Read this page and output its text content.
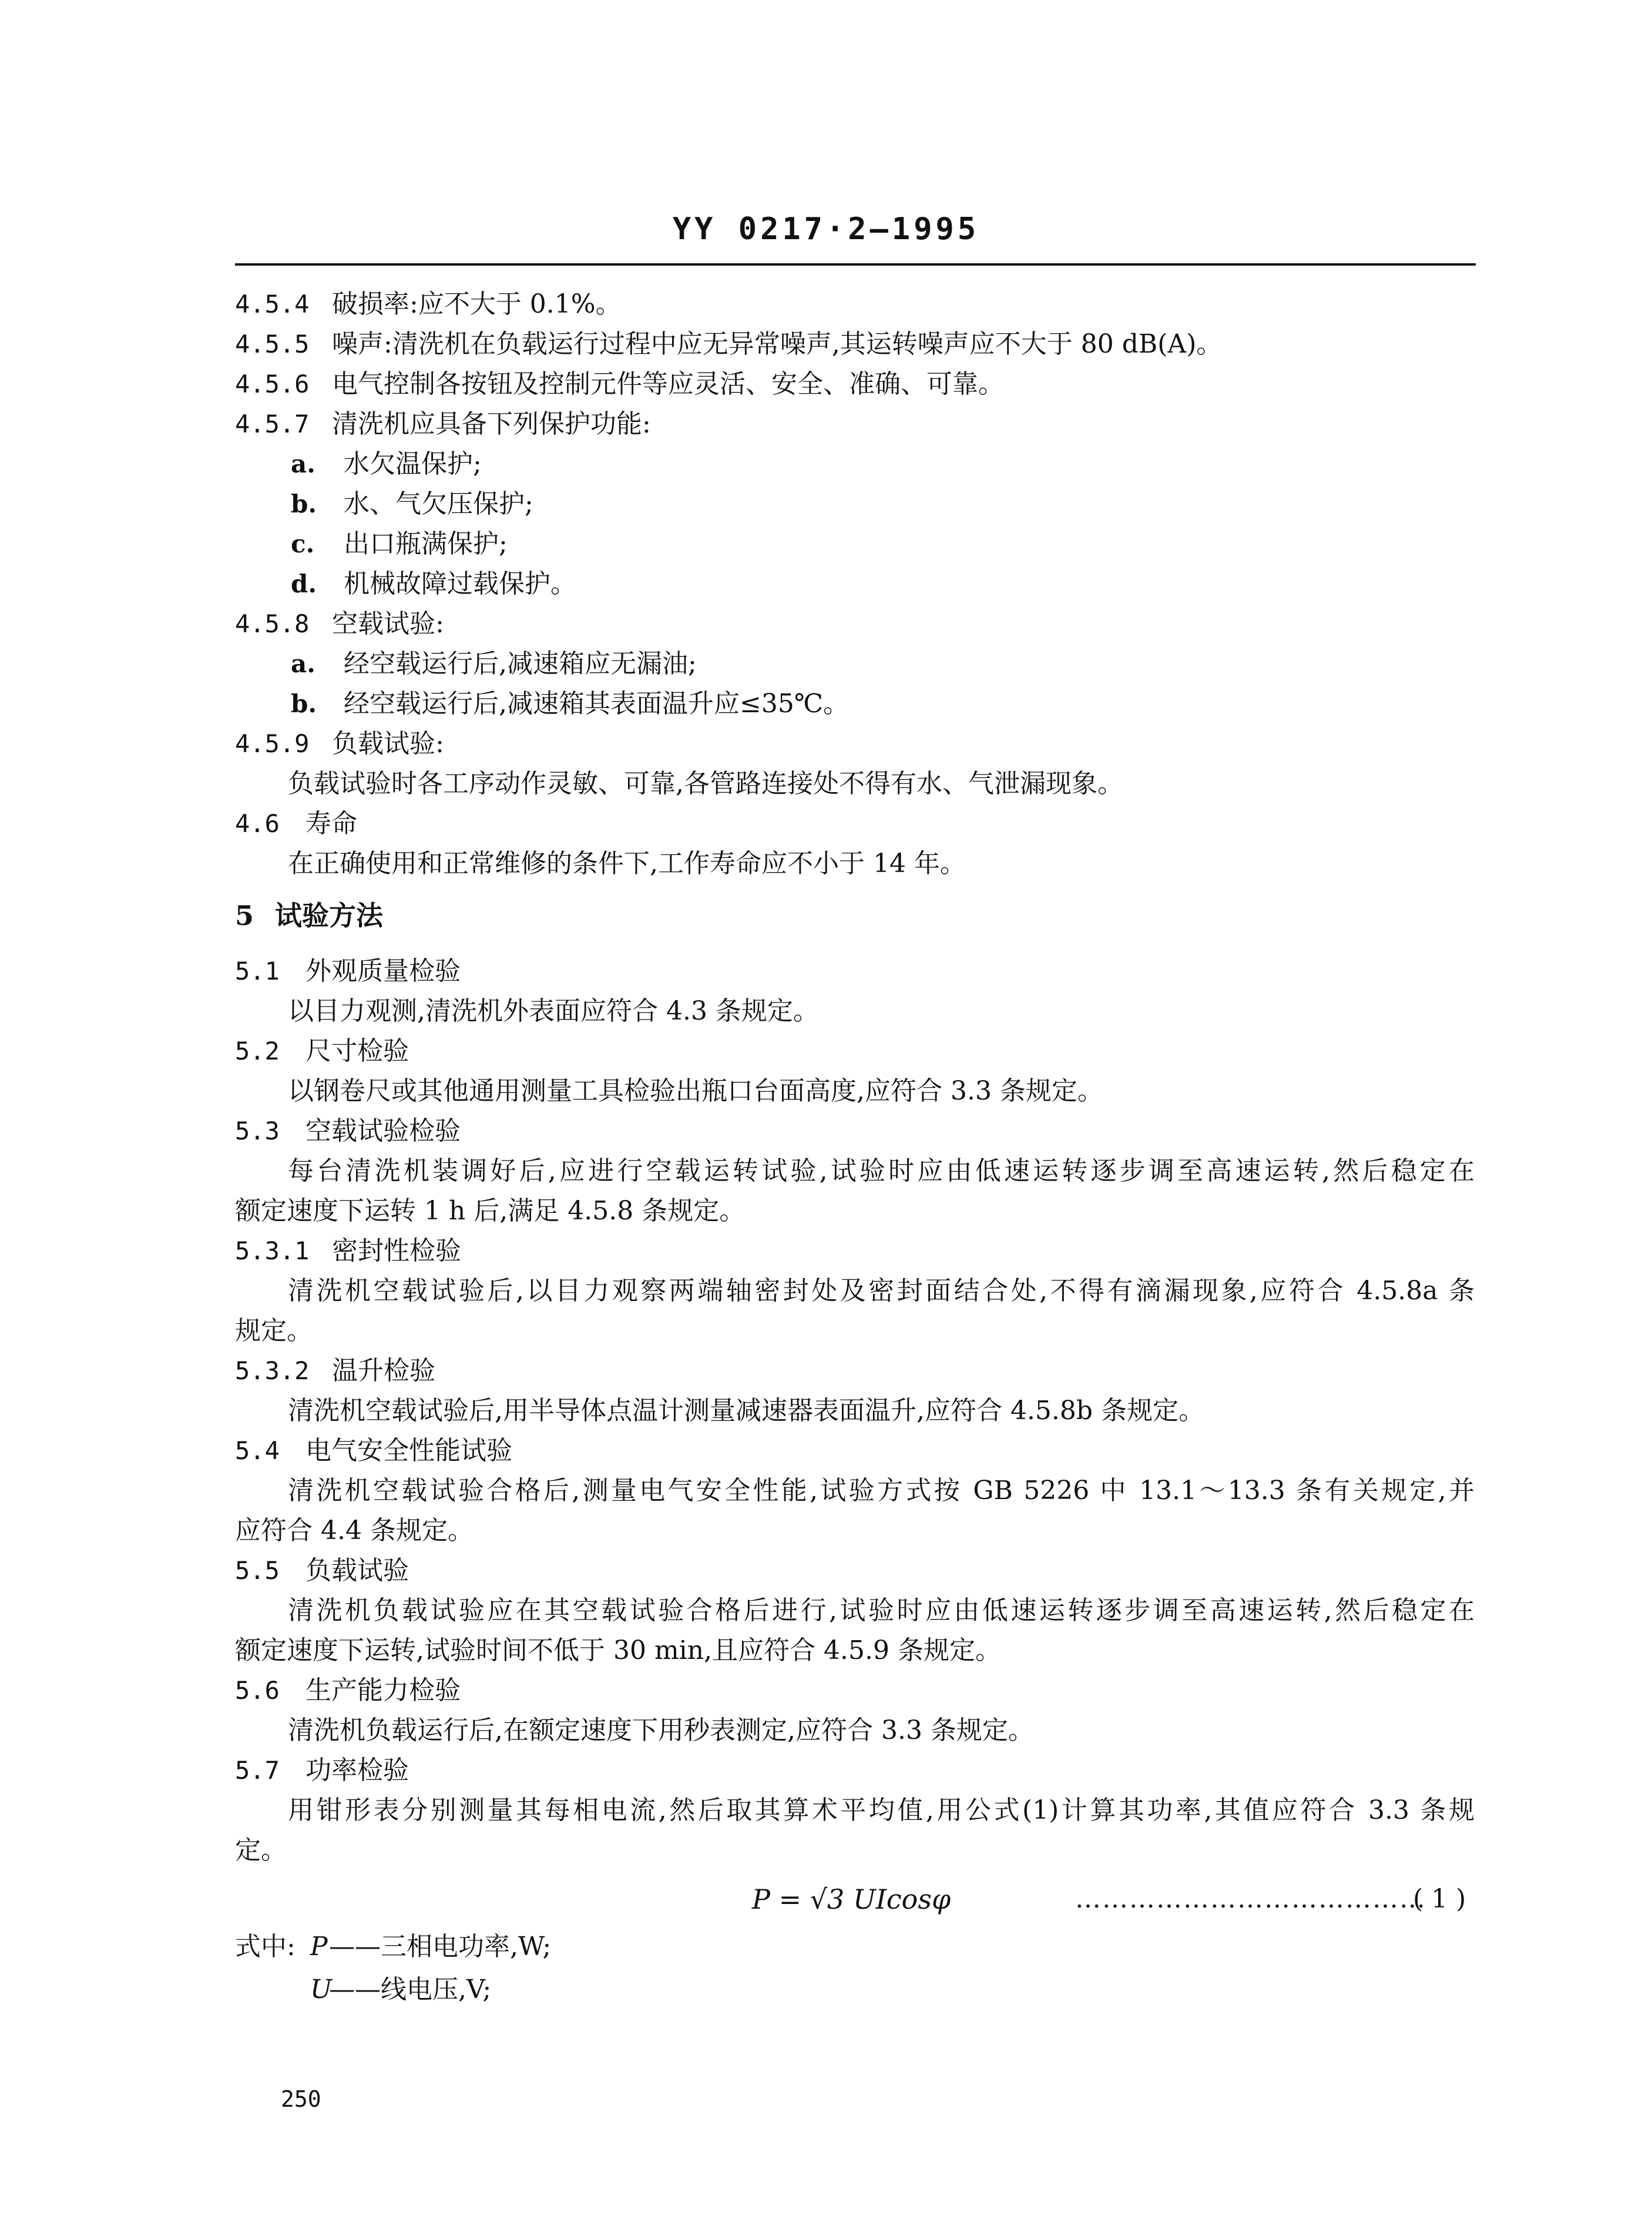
YY 0217·2—1995
4.5.4 破损率:应不大于 0.1%。
4.5.5 噪声:清洗机在负载运行过程中应无异常噪声,其运转噪声应不大于 80 dB(A)。
4.5.6 电气控制各按钮及控制元件等应灵活、安全、准确、可靠。
4.5.7 清洗机应具备下列保护功能:
a. 水欠温保护;
b. 水、气欠压保护;
c. 出口瓶满保护;
d. 机械故障过载保护。
4.5.8 空载试验:
a. 经空载运行后,减速箱应无漏油;
b. 经空载运行后,减速箱其表面温升应≤35℃。
4.5.9 负载试验:
负载试验时各工序动作灵敏、可靠,各管路连接处不得有水、气泄漏现象。
4.6 寿命
在正确使用和正常维修的条件下,工作寿命应不小于 14 年。
5 试验方法
5.1 外观质量检验
以目力观测,清洗机外表面应符合 4.3 条规定。
5.2 尺寸检验
以钢卷尺或其他通用测量工具检验出瓶口台面高度,应符合 3.3 条规定。
5.3 空载试验检验
每台清洗机装调好后,应进行空载运转试验,试验时应由低速运转逐步调至高速运转,然后稳定在
额定速度下运转 1 h 后,满足 4.5.8 条规定。
5.3.1 密封性检验
清洗机空载试验后,以目力观察两端轴密封处及密封面结合处,不得有滴漏现象,应符合 4.5.8a 条
规定。
5.3.2 温升检验
清洗机空载试验后,用半导体点温计测量减速器表面温升,应符合 4.5.8b 条规定。
5.4 电气安全性能试验
清洗机空载试验合格后,测量电气安全性能,试验方式按 GB 5226 中 13.1～13.3 条有关规定,并
应符合 4.4 条规定。
5.5 负载试验
清洗机负载试验应在其空载试验合格后进行,试验时应由低速运转逐步调至高速运转,然后稳定在
额定速度下运转,试验时间不低于 30 min,且应符合 4.5.9 条规定。
5.6 生产能力检验
清洗机负载运行后,在额定速度下用秒表测定,应符合 3.3 条规定。
5.7 功率检验
用钳形表分别测量其每相电流,然后取其算术平均值,用公式(1)计算其功率,其值应符合 3.3 条规
定。
P = √3 UIcosφ	…………………………………
( 1 )
式中: P ——三相电功率,W;
U
——线电压,V;
250
